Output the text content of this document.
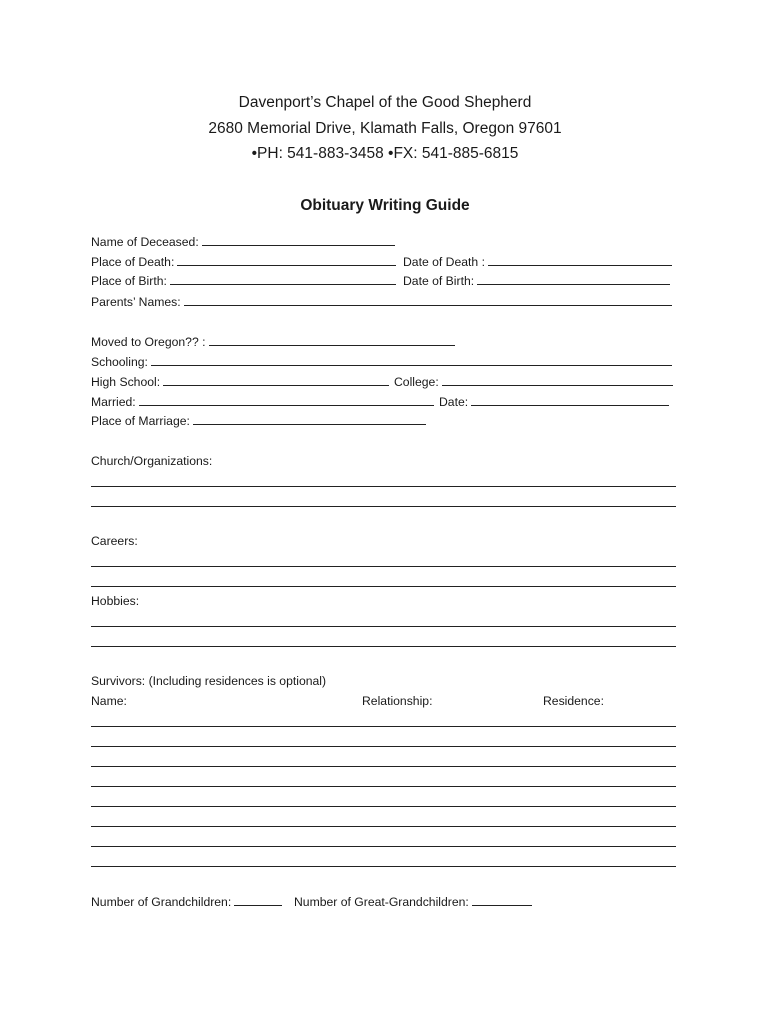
Davenport’s Chapel of the Good Shepherd
2680 Memorial Drive, Klamath Falls, Oregon 97601
•PH: 541-883-3458 •FX: 541-885-6815
Obituary Writing Guide
Name of Deceased:
Place of Death:	Date of Death :
Place of Birth:	Date of Birth:
Parents’ Names:
Moved to Oregon?? :
Schooling:
High School:	College:
Married:	Date:
Place of Marriage:
Church/Organizations:
Careers:
Hobbies:
Survivors: (Including residences is optional)
Name:	Relationship:	Residence:
Number of Grandchildren:	Number of Great-Grandchildren:
